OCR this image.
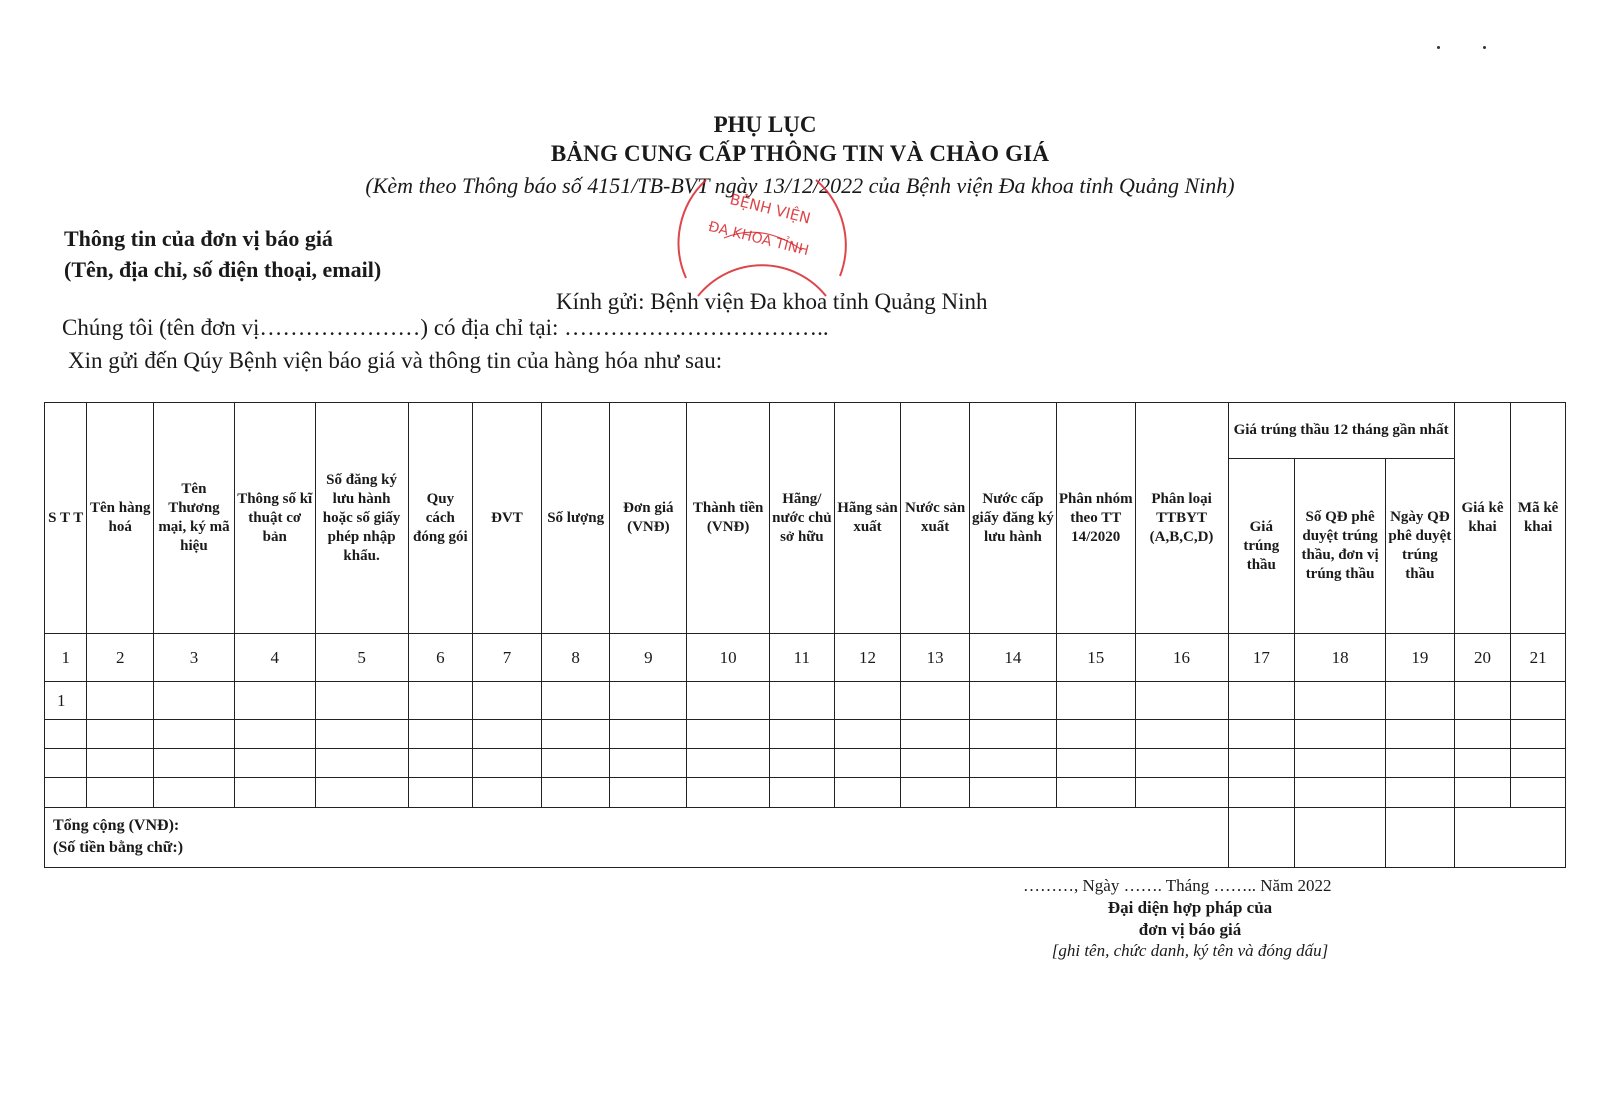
PHỤ LỤC
BẢNG CUNG CẤP THÔNG TIN VÀ CHÀO GIÁ
(Kèm theo Thông báo số 4151/TB-BVT ngày 13/12/2022 của Bệnh viện Đa khoa tỉnh Quảng Ninh)
BỆNH VIỆN
ĐA KHOA TỈNH
Thông tin của đơn vị báo giá
(Tên, địa chỉ, số điện thoại, email)
Kính gửi: Bệnh viện Đa khoa tỉnh Quảng Ninh
Chúng tôi (tên đơn vị…………………) có địa chỉ tại: ……………………………..
Xin gửi đến Qúy Bệnh viện báo giá và thông tin của hàng hóa như sau:
S T T	Tên hàng hoá	Tên Thương mại, ký mã hiệu	Thông số kĩ thuật cơ bản	Số đăng ký lưu hành hoặc số giấy phép nhập khẩu.	Quy cách đóng gói	ĐVT	Số lượng	Đơn giá (VNĐ)	Thành tiền (VNĐ)	Hãng/ nước chủ sở hữu	Hãng sản xuất	Nước sản xuất	Nước cấp giấy đăng ký lưu hành	Phân nhóm theo TT 14/2020	Phân loại TTBYT (A,B,C,D)	Giá trúng thầu 12 tháng gần nhất			Giá kê khai	Mã kê khai
																Giá trúng thầu	Số QĐ phê duyệt trúng thầu, đơn vị trúng thầu	Ngày QĐ phê duyệt trúng thầu		
1	2	3	4	5	6	7	8	9	10	11	12	13	14	15	16	17	18	19	20	21
1																				

Tổng cộng (VNĐ):
(Số tiền bằng chữ:)																				

………, Ngày ……. Tháng …….. Năm 2022
Đại diện hợp pháp của
đơn vị báo giá
[ghi tên, chức danh, ký tên và đóng dấu]
